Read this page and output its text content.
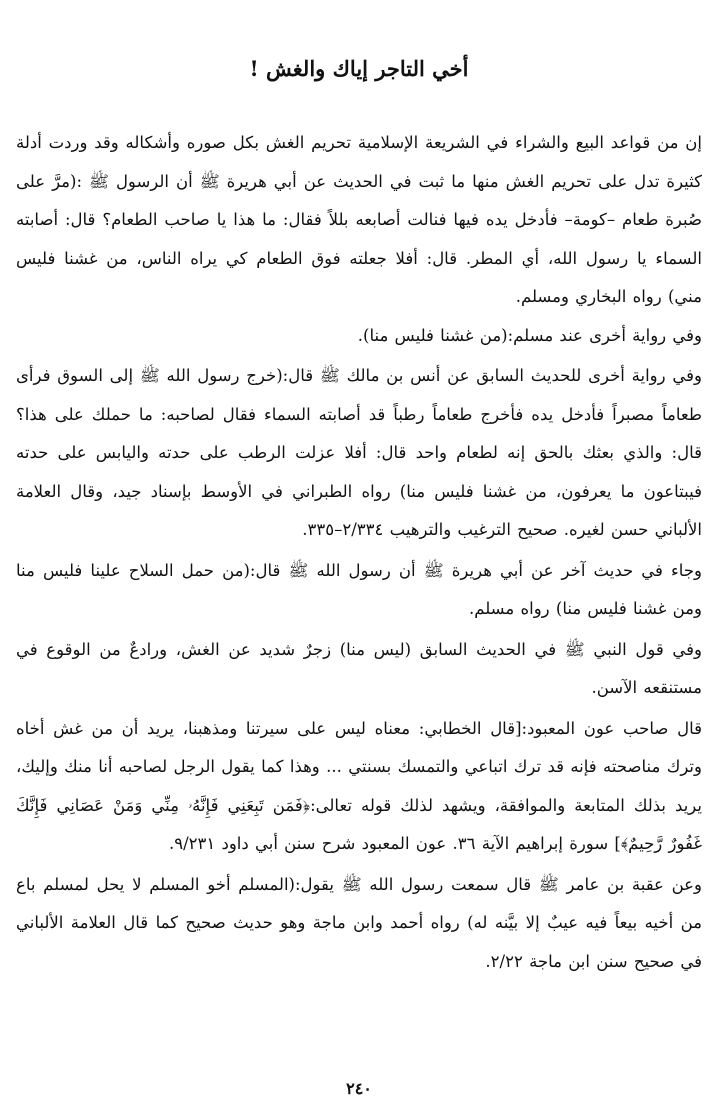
أخي التاجر إياك والغش !

إن من قواعد البيع والشراء في الشريعة الإسلامية تحريم الغش بكل صوره وأشكاله وقد وردت أدلة كثيرة تدل على تحريم الغش منها ما ثبت في الحديث عن أبي هريرة ﷺ أن الرسول ﷺ :(مرَّ على صُبرة طعام –كومة– فأدخل يده فيها فنالت أصابعه بللاً فقال: ما هذا يا صاحب الطعام؟ قال: أصابته السماء يا رسول الله، أي المطر. قال: أفلا جعلته فوق الطعام كي يراه الناس، من غشنا فليس مني) رواه البخاري ومسلم.

وفي رواية أخرى عند مسلم:(من غشنا فليس منا).

وفي رواية أخرى للحديث السابق عن أنس بن مالك ﷺ قال:(خرج رسول الله ﷺ إلى السوق فرأى طعاماً مصبراً فأدخل يده فأخرج طعاماً رطباً قد أصابته السماء فقال لصاحبه: ما حملك على هذا؟ قال: والذي بعثك بالحق إنه لطعام واحد قال: أفلا عزلت الرطب على حدته واليابس على حدته فيبتاعون ما يعرفون، من غشنا فليس منا) رواه الطبراني في الأوسط بإسناد جيد، وقال العلامة الألباني حسن لغيره. صحيح الترغيب والترهيب ٢/٣٣٤–٣٣٥.

وجاء في حديث آخر عن أبي هريرة ﷺ أن رسول الله ﷺ قال:(من حمل السلاح علينا فليس منا ومن غشنا فليس منا) رواه مسلم.

وفي قول النبي ﷺ في الحديث السابق (ليس منا) زجرٌ شديد عن الغش، ورادعٌ من الوقوع في مستنقعه الآسن.

قال صاحب عون المعبود:[قال الخطابي: معناه ليس على سيرتنا ومذهبنا، يريد أن من غش أخاه وترك مناصحته فإنه قد ترك اتباعي والتمسك بسنتي ... وهذا كما يقول الرجل لصاحبه أنا منك وإليك، يريد بذلك المتابعة والموافقة، ويشهد لذلك قوله تعالى:﴿فَمَن تَبِعَنِي فَإِنَّهُۥ مِنِّي وَمَنْ عَصَانِي فَإِنَّكَ غَفُورٌ رَّحِيمٌ﴾] سورة إبراهيم الآية ٣٦. عون المعبود شرح سنن أبي داود ٩/٢٣١.

وعن عقبة بن عامر ﷺ قال سمعت رسول الله ﷺ يقول:(المسلم أخو المسلم لا يحل لمسلم باع من أخيه بيعاً فيه عيبٌ إلا بيَّنه له) رواه أحمد وابن ماجة وهو حديث صحيح كما قال العلامة الألباني في صحيح سنن ابن ماجة ٢/٢٢.

٢٤٠
